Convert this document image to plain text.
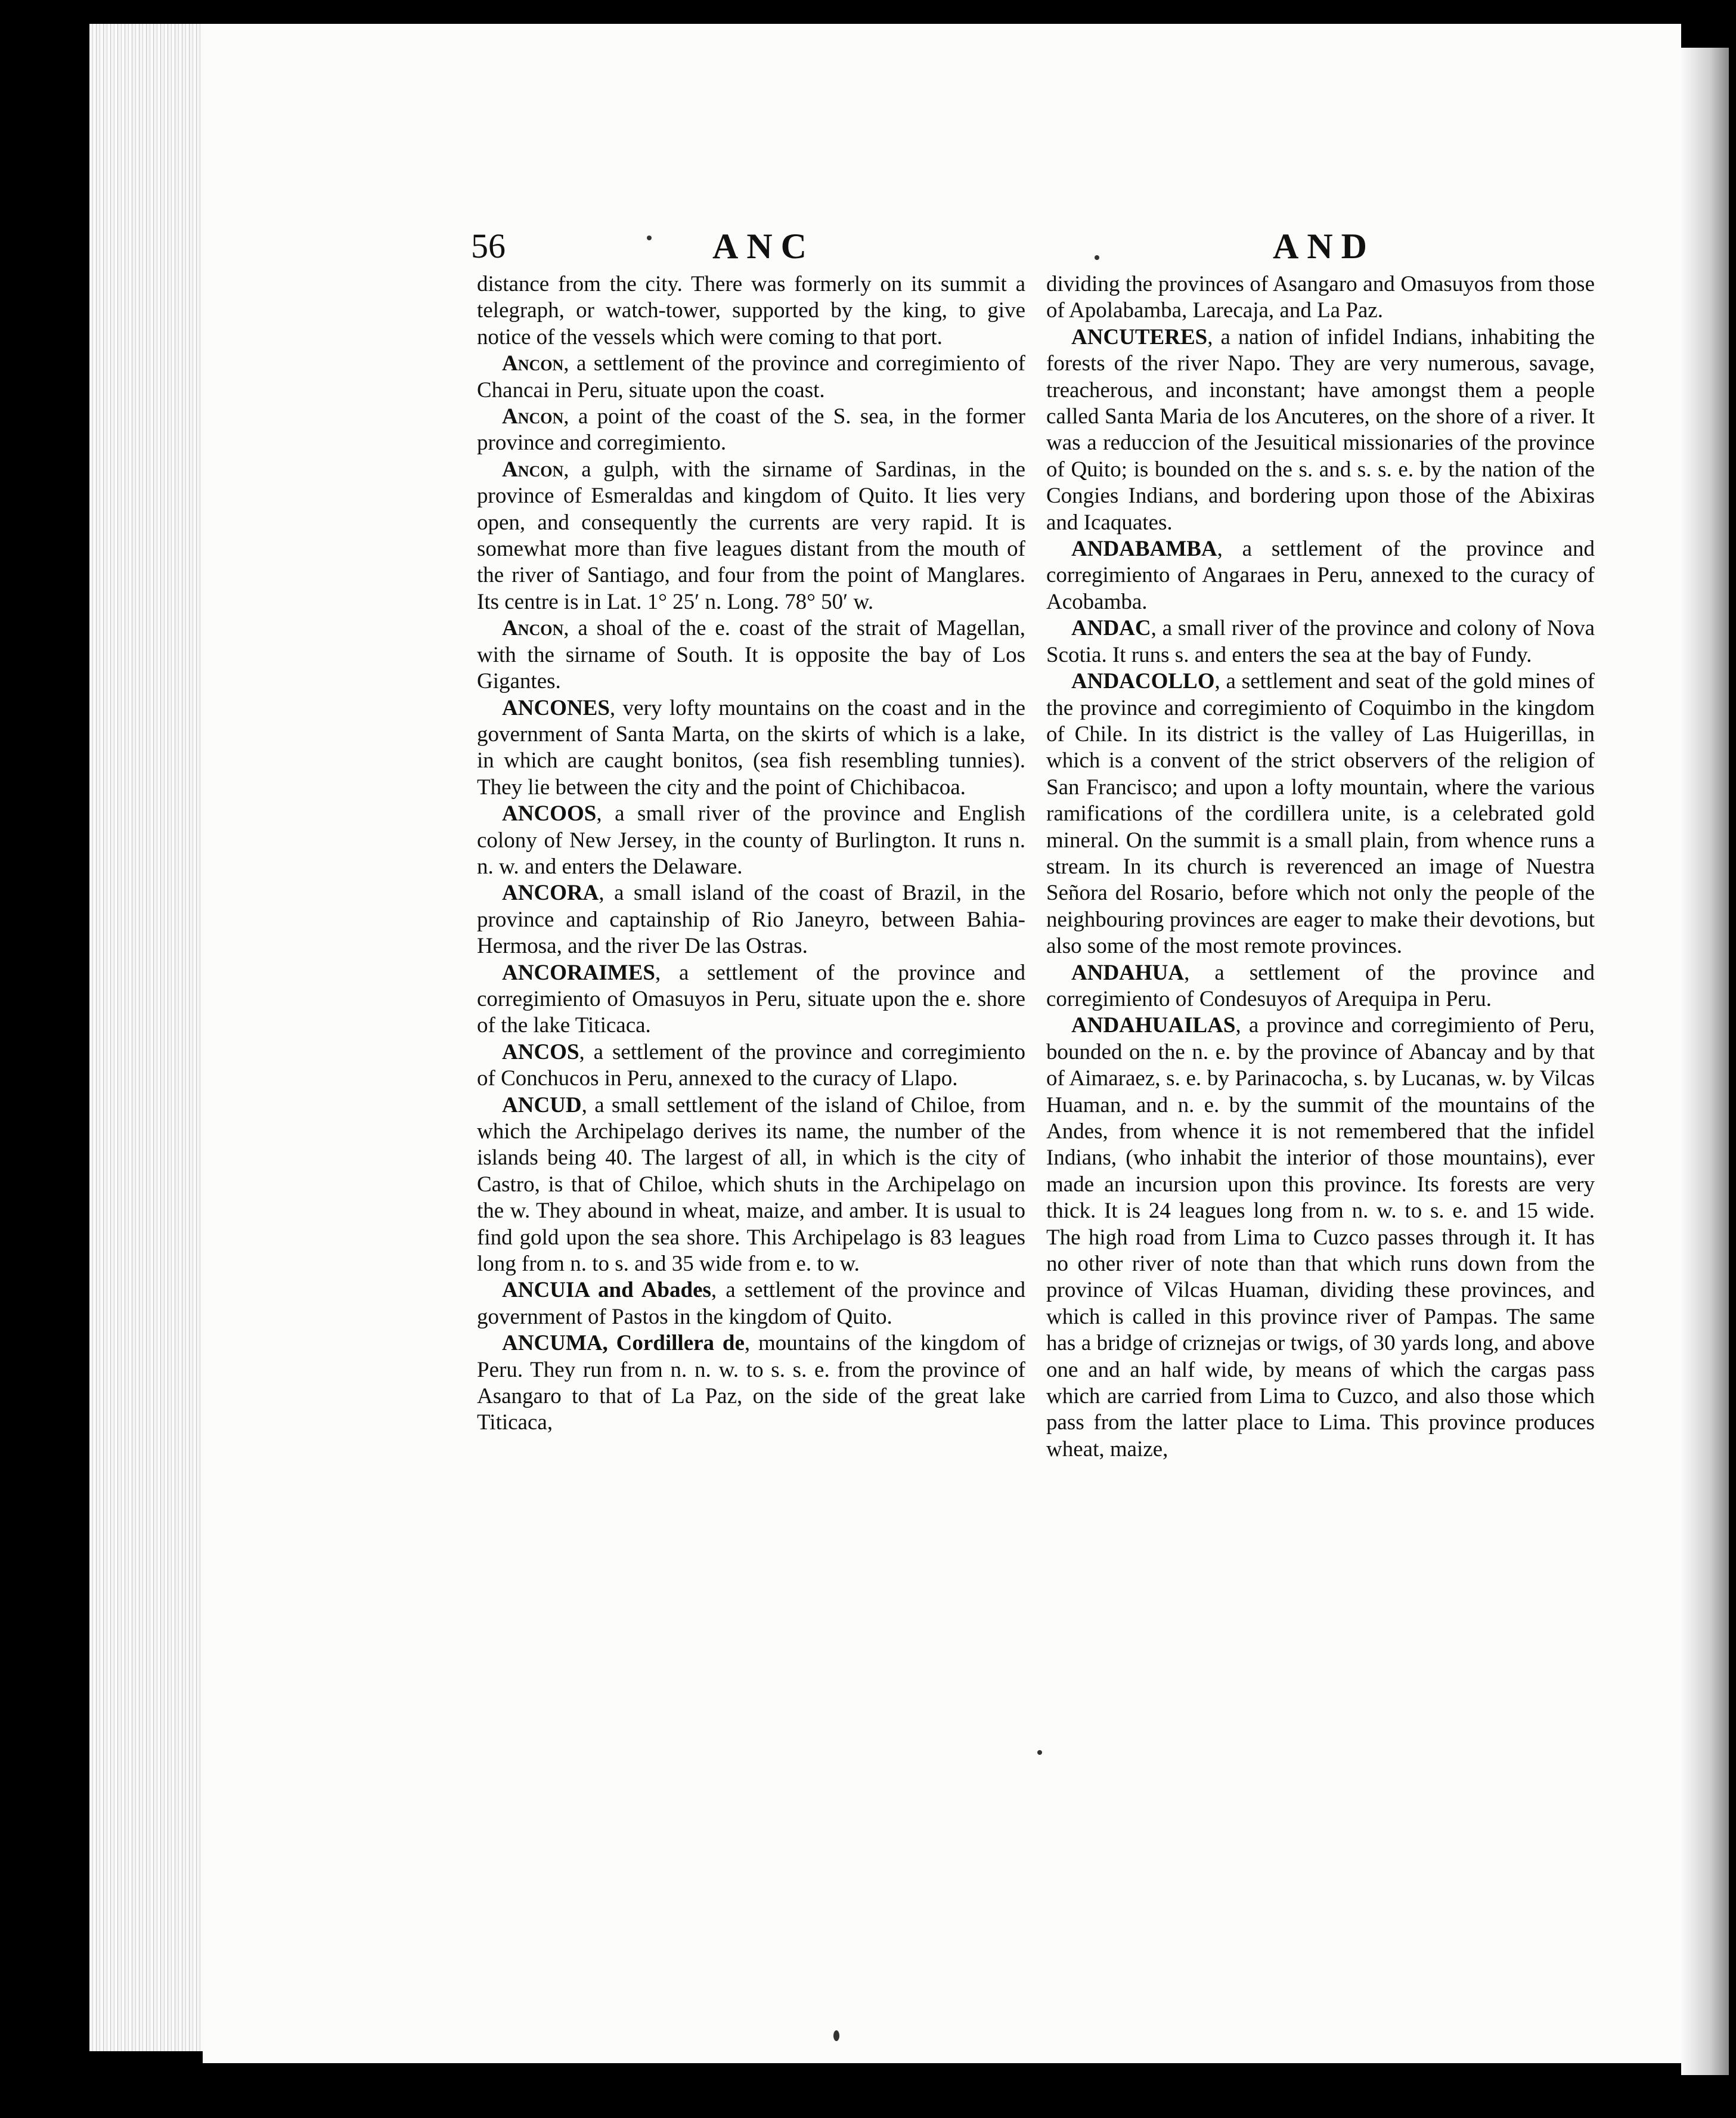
56	ANC	AND

distance from the city. There was formerly on its summit a telegraph, or watch-tower, supported by the king, to give notice of the vessels which were coming to that port.

Ancon, a settlement of the province and corregimiento of Chancai in Peru, situate upon the coast.

Ancon, a point of the coast of the S. sea, in the former province and corregimiento.

Ancon, a gulph, with the sirname of Sardinas, in the province of Esmeraldas and kingdom of Quito. It lies very open, and consequently the currents are very rapid. It is somewhat more than five leagues distant from the mouth of the river of Santiago, and four from the point of Manglares. Its centre is in Lat. 1° 25′ n. Long. 78° 50′ w.

Ancon, a shoal of the e. coast of the strait of Magellan, with the sirname of South. It is opposite the bay of Los Gigantes.

ANCONES, very lofty mountains on the coast and in the government of Santa Marta, on the skirts of which is a lake, in which are caught bonitos, (sea fish resembling tunnies). They lie between the city and the point of Chichibacoa.

ANCOOS, a small river of the province and English colony of New Jersey, in the county of Burlington. It runs n. n. w. and enters the Delaware.

ANCORA, a small island of the coast of Brazil, in the province and captainship of Rio Janeyro, between Bahia-Hermosa, and the river De las Ostras.

ANCORAIMES, a settlement of the province and corregimiento of Omasuyos in Peru, situate upon the e. shore of the lake Titicaca.

ANCOS, a settlement of the province and corregimiento of Conchucos in Peru, annexed to the curacy of Llapo.

ANCUD, a small settlement of the island of Chiloe, from which the Archipelago derives its name, the number of the islands being 40. The largest of all, in which is the city of Castro, is that of Chiloe, which shuts in the Archipelago on the w. They abound in wheat, maize, and amber. It is usual to find gold upon the sea shore. This Archipelago is 83 leagues long from n. to s. and 35 wide from e. to w.

ANCUIA and Abades, a settlement of the province and government of Pastos in the kingdom of Quito.

ANCUMA, Cordillera de, mountains of the kingdom of Peru. They run from n. n. w. to s. s. e. from the province of Asangaro to that of La Paz, on the side of the great lake Titicaca,

dividing the provinces of Asangaro and Omasuyos from those of Apolabamba, Larecaja, and La Paz.

ANCUTERES, a nation of infidel Indians, inhabiting the forests of the river Napo. They are very numerous, savage, treacherous, and inconstant; have amongst them a people called Santa Maria de los Ancuteres, on the shore of a river. It was a reduccion of the Jesuitical missionaries of the province of Quito; is bounded on the s. and s. s. e. by the nation of the Congies Indians, and bordering upon those of the Abixiras and Icaquates.

ANDABAMBA, a settlement of the province and corregimiento of Angaraes in Peru, annexed to the curacy of Acobamba.

ANDAC, a small river of the province and colony of Nova Scotia. It runs s. and enters the sea at the bay of Fundy.

ANDACOLLO, a settlement and seat of the gold mines of the province and corregimiento of Coquimbo in the kingdom of Chile. In its district is the valley of Las Huigerillas, in which is a convent of the strict observers of the religion of San Francisco; and upon a lofty mountain, where the various ramifications of the cordillera unite, is a celebrated gold mineral. On the summit is a small plain, from whence runs a stream. In its church is reverenced an image of Nuestra Señora del Rosario, before which not only the people of the neighbouring provinces are eager to make their devotions, but also some of the most remote provinces.

ANDAHUA, a settlement of the province and corregimiento of Condesuyos of Arequipa in Peru.

ANDAHUAILAS, a province and corregimiento of Peru, bounded on the n. e. by the province of Abancay and by that of Aimaraez, s. e. by Parinacocha, s. by Lucanas, w. by Vilcas Huaman, and n. e. by the summit of the mountains of the Andes, from whence it is not remembered that the infidel Indians, (who inhabit the interior of those mountains), ever made an incursion upon this province. Its forests are very thick. It is 24 leagues long from n. w. to s. e. and 15 wide. The high road from Lima to Cuzco passes through it. It has no other river of note than that which runs down from the province of Vilcas Huaman, dividing these provinces, and which is called in this province river of Pampas. The same has a bridge of criznejas or twigs, of 30 yards long, and above one and an half wide, by means of which the cargas pass which are carried from Lima to Cuzco, and also those which pass from the latter place to Lima. This province produces wheat, maize,
